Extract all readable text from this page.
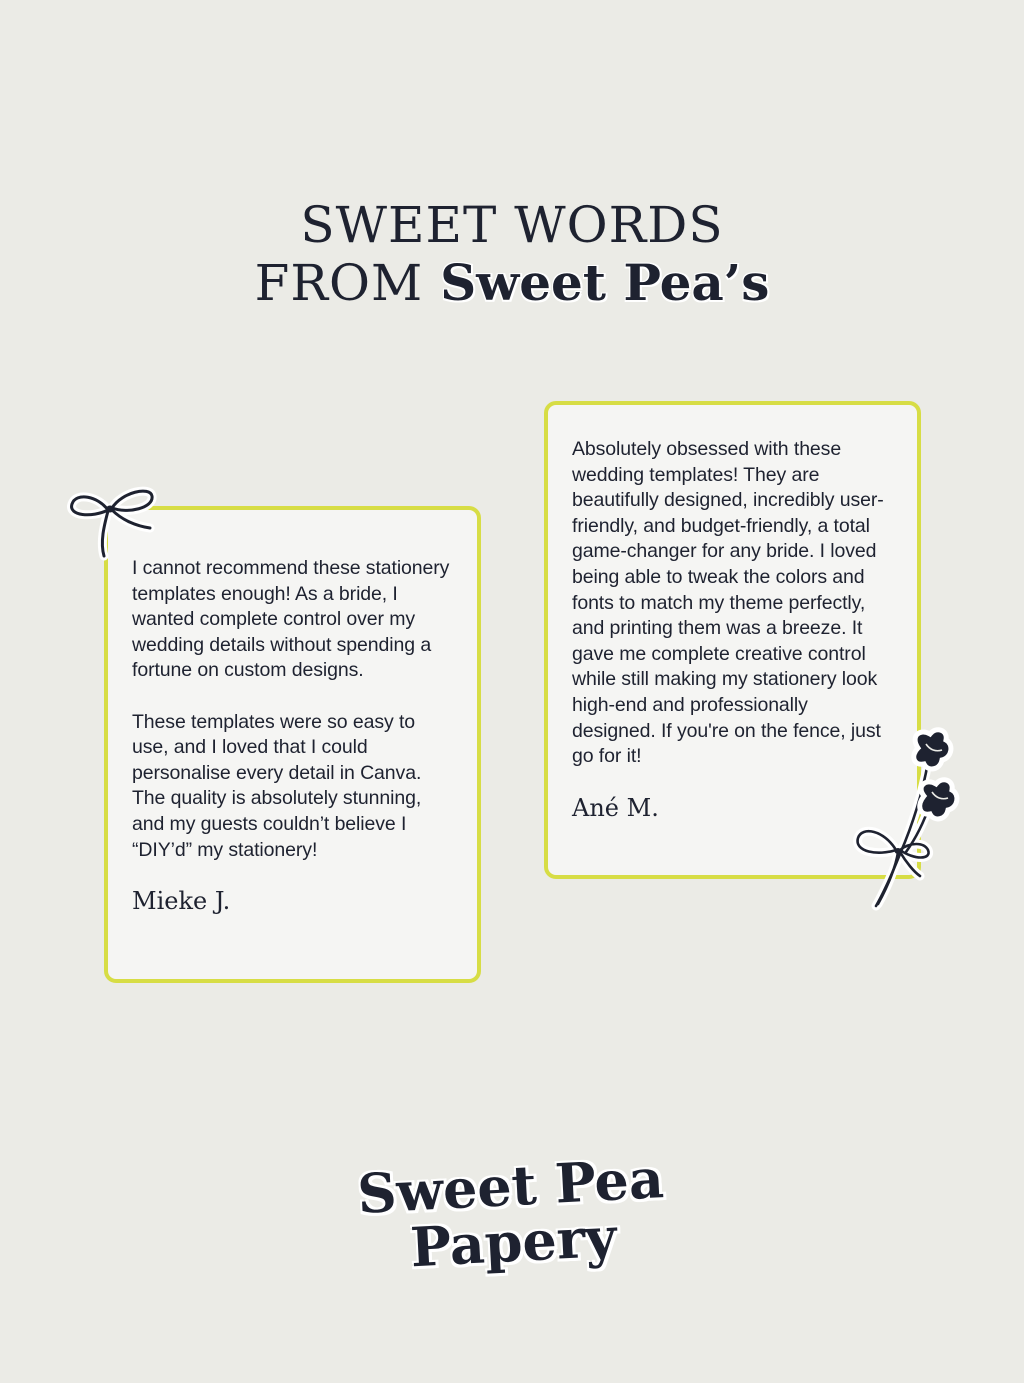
SWEET WORDS
FROM Sweet Pea’s

I cannot recommend these stationery templates enough! As a bride, I wanted complete control over my wedding details without spending a fortune on custom designs.

These templates were so easy to use, and I loved that I could personalise every detail in Canva. The quality is absolutely stunning, and my guests couldn’t believe I “DIY’d” my stationery!

Mieke J.

Absolutely obsessed with these wedding templates! They are beautifully designed, incredibly user-friendly, and budget-friendly, a total game-changer for any bride. I loved being able to tweak the colors and fonts to match my theme perfectly, and printing them was a breeze. It gave me complete creative control while still making my stationery look high-end and professionally designed. If you're on the fence, just go for it!

Ané M.
Sweet Pea
Papery
